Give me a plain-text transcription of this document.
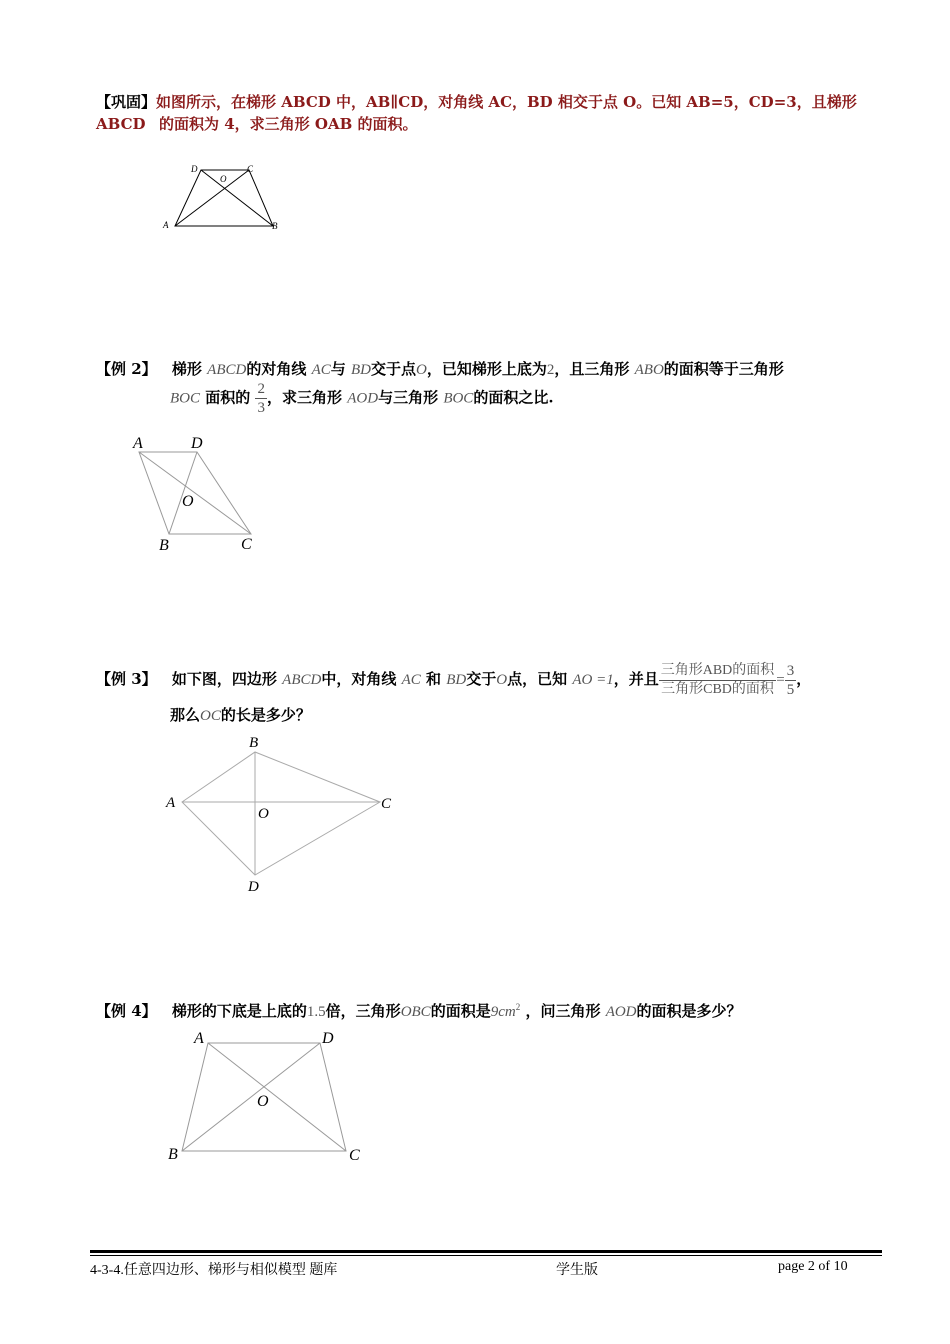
【巩固】如图所示，在梯形 ABCD 中，AB∥CD，对角线 AC，BD 相交于点 O。已知 AB=5，CD=3，且梯形 ABCD 的面积为 4，求三角形 OAB 的面积。
D	C
O
A	B
【例 2】 梯形 ABCD的对角线 AC与 BD交于点O，已知梯形上底为2，且三角形 ABO的面积等于三角形
BOC 面积的 $\frac{2}{3}$ ，求三角形 AOD与三角形 BOC的面积之比.
A	D
O
B	C
【例 3】 如下图，四边形 ABCD中，对角线 AC 和 BD交于O点，已知 AO =1，并且 $\frac{\text{三角形ABD的面积}}{\text{三角形CBD的面积}} = \frac{3}{5}$ ，
那么OC的长是多少？
B
A
O
C
D
【例 4】 梯形的下底是上底的1.5倍，三角形OBC的面积是$9cm^2$ ，问三角形 AOD的面积是多少？
A	D
O
B	C
4-3-4.任意四边形、梯形与相似模型 题库	学生版	page 2 of 10
